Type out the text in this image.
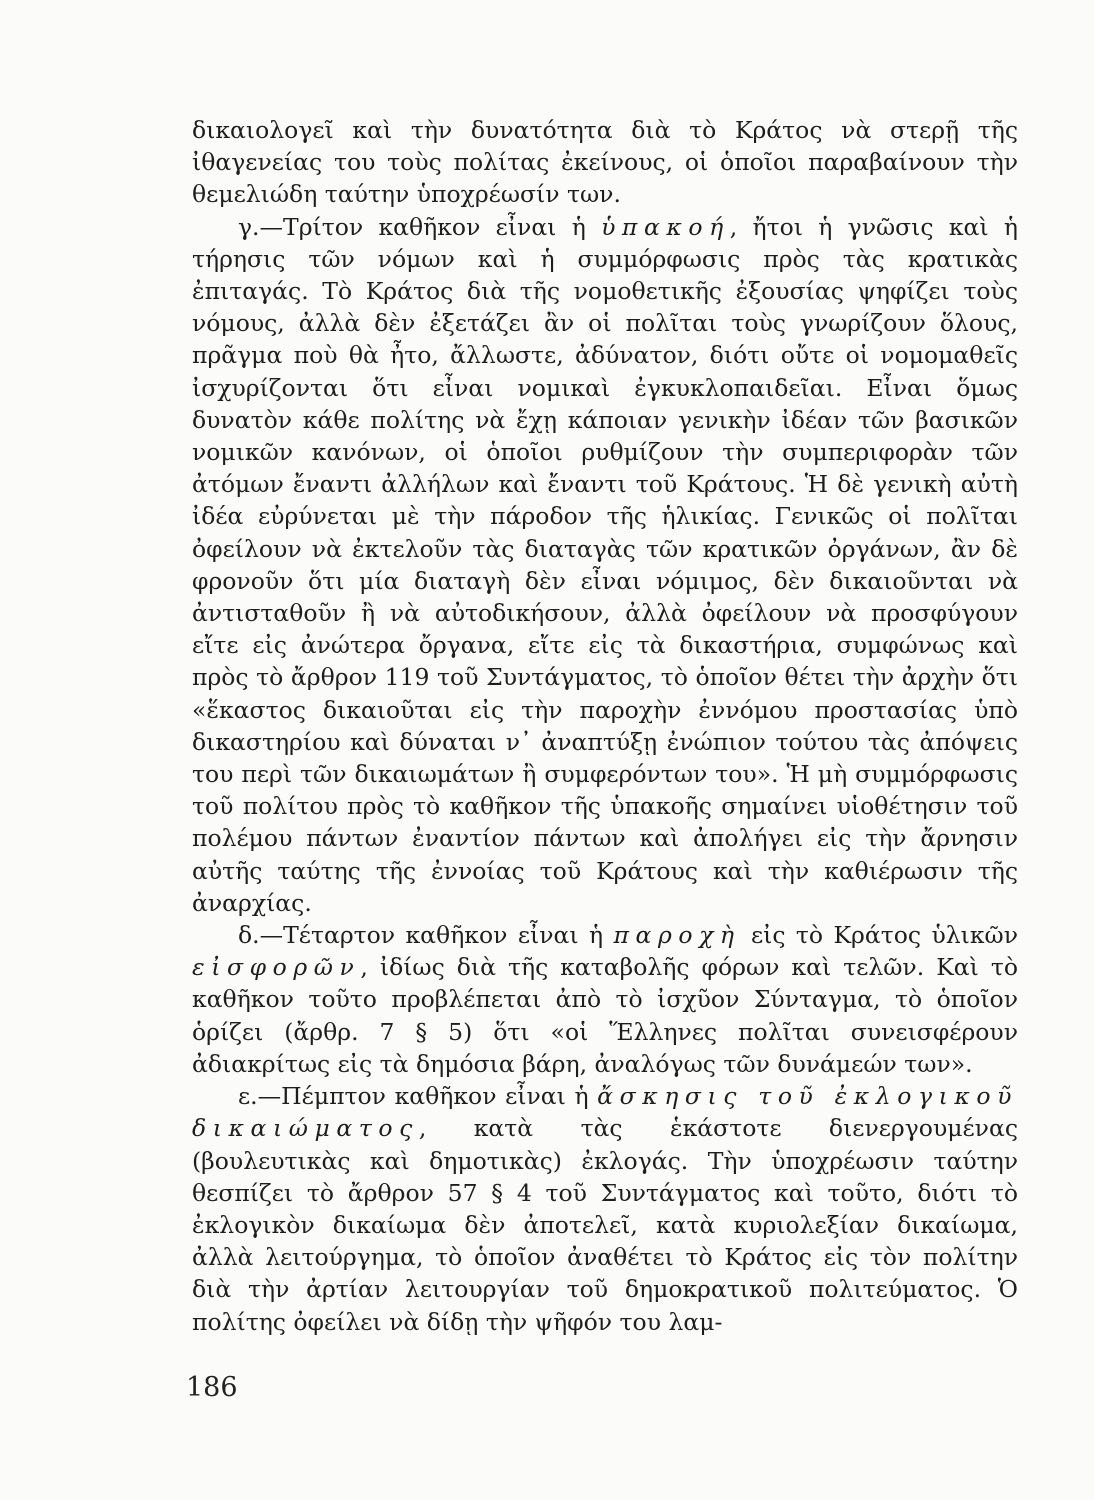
δικαιολογεῖ καὶ τὴν δυνατότητα διὰ τὸ Κράτος νὰ στερῇ τῆς ἰθαγενείας του τοὺς πολίτας ἐκείνους, οἱ ὁποῖοι παραβαίνουν τὴν θεμελιώδη ταύτην ὑποχρέωσίν των.

γ.—Τρίτον καθῆκον εἶναι ἡ ὑπακοή, ἤτοι ἡ γνῶσις καὶ ἡ τήρησις τῶν νόμων καὶ ἡ συμμόρφωσις πρὸς τὰς κρατικὰς ἐπιταγάς. Τὸ Κράτος διὰ τῆς νομοθετικῆς ἐξουσίας ψηφίζει τοὺς νόμους, ἀλλὰ δὲν ἐξετάζει ἂν οἱ πολῖται τοὺς γνωρίζουν ὅλους, πρᾶγμα ποὺ θὰ ἦτο, ἄλλωστε, ἀδύνατον, διότι οὔτε οἱ νομομαθεῖς ἰσχυρίζονται ὅτι εἶναι νομικαὶ ἐγκυκλοπαιδεῖαι. Εἶναι ὅμως δυνατὸν κάθε πολίτης νὰ ἔχῃ κάποιαν γενικὴν ἰδέαν τῶν βασικῶν νομικῶν κανόνων, οἱ ὁποῖοι ρυθμίζουν τὴν συμπεριφορὰν τῶν ἀτόμων ἔναντι ἀλλήλων καὶ ἔναντι τοῦ Κράτους. Ἡ δὲ γενικὴ αὐτὴ ἰδέα εὐρύνεται μὲ τὴν πάροδον τῆς ἡλικίας. Γενικῶς οἱ πολῖται ὀφείλουν νὰ ἐκτελοῦν τὰς διαταγὰς τῶν κρατικῶν ὀργάνων, ἂν δὲ φρονοῦν ὅτι μία διαταγὴ δὲν εἶναι νόμιμος, δὲν δικαιοῦνται νὰ ἀντισταθοῦν ἢ νὰ αὐτοδικήσουν, ἀλλὰ ὀφείλουν νὰ προσφύγουν εἴτε εἰς ἀνώτερα ὄργανα, εἴτε εἰς τὰ δικαστήρια, συμφώνως καὶ πρὸς τὸ ἄρθρον 119 τοῦ Συντάγματος, τὸ ὁποῖον θέτει τὴν ἀρχὴν ὅτι «ἕκαστος δικαιοῦται εἰς τὴν παροχὴν ἐννόμου προστασίας ὑπὸ δικαστηρίου καὶ δύναται ν᾿ ἀναπτύξῃ ἐνώπιον τούτου τὰς ἀπόψεις του περὶ τῶν δικαιωμάτων ἢ συμφερόντων του». Ἡ μὴ συμμόρφωσις τοῦ πολίτου πρὸς τὸ καθῆκον τῆς ὑπακοῆς σημαίνει υἱοθέτησιν τοῦ πολέμου πάντων ἐναντίον πάντων καὶ ἀπολήγει εἰς τὴν ἄρνησιν αὐτῆς ταύτης τῆς ἐννοίας τοῦ Κράτους καὶ τὴν καθιέρωσιν τῆς ἀναρχίας.

δ.—Τέταρτον καθῆκον εἶναι ἡ παροχὴ εἰς τὸ Κράτος ὑλικῶν εἰσφορῶν, ἰδίως διὰ τῆς καταβολῆς φόρων καὶ τελῶν. Καὶ τὸ καθῆκον τοῦτο προβλέπεται ἀπὸ τὸ ἰσχῦον Σύνταγμα, τὸ ὁποῖον ὁρίζει (ἄρθρ. 7 § 5) ὅτι «οἱ Ἕλληνες πολῖται συνεισφέρουν ἀδιακρίτως εἰς τὰ δημόσια βάρη, ἀναλόγως τῶν δυνάμεών των».

ε.—Πέμπτον καθῆκον εἶναι ἡ ἄσκησις τοῦ ἐκλογικοῦ δικαιώματος, κατὰ τὰς ἑκάστοτε διενεργουμένας (βουλευτικὰς καὶ δημοτικὰς) ἐκλογάς. Τὴν ὑποχρέωσιν ταύτην θεσπίζει τὸ ἄρθρον 57 § 4 τοῦ Συντάγματος καὶ τοῦτο, διότι τὸ ἐκλογικὸν δικαίωμα δὲν ἀποτελεῖ, κατὰ κυριολεξίαν δικαίωμα, ἀλλὰ λειτούργημα, τὸ ὁποῖον ἀναθέτει τὸ Κράτος εἰς τὸν πολίτην διὰ τὴν ἀρτίαν λειτουργίαν τοῦ δημοκρατικοῦ πολιτεύματος. Ὁ πολίτης ὀφείλει νὰ δίδῃ τὴν ψῆφόν του λαμ-

186
